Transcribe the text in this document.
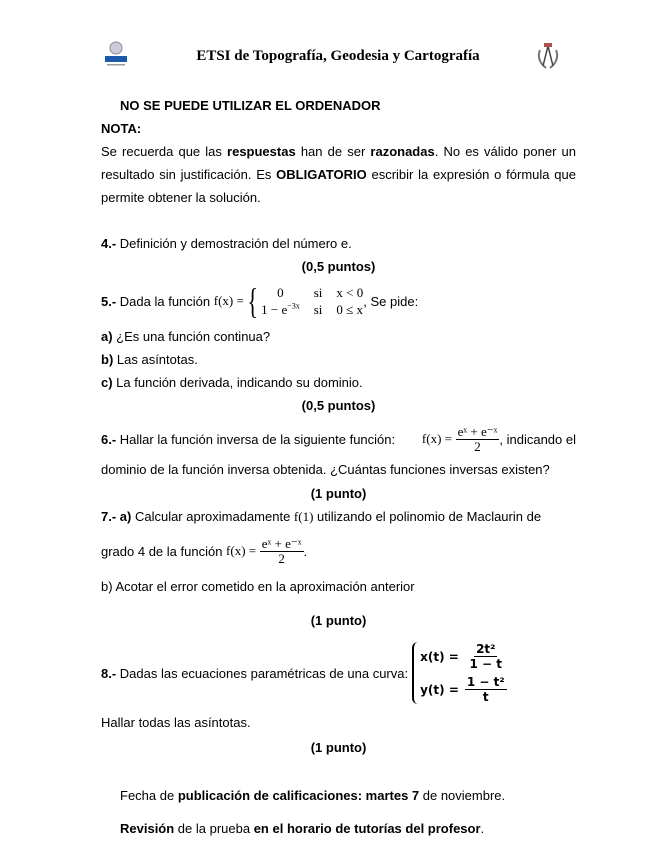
ETSI de Topografía, Geodesia y Cartografía
NO SE PUEDE UTILIZAR EL ORDENADOR
NOTA:
Se recuerda que las respuestas han de ser razonadas. No es válido poner un
resultado sin justificación. Es OBLIGATORIO escribir la expresión o fórmula que
permite obtener la solución.
4.- Definición y demostración del número e.
(0,5 puntos)
5.- Dada la función f(x) = {	0	si x < 0
$1 - e^{-3x}$ si 0 ≤ x
, Se pide:
a) ¿Es una función continua?
b) Las asíntotas.
c) La función derivada, indicando su dominio.
(0,5 puntos)
6.- Hallar la función inversa de la siguiente función: f(x) =
$\frac{\text{eˣ + e⁻ˣ}}{2}$ , indicando el
dominio de la función inversa obtenida. ¿Cuántas funciones inversas existen?
(1 punto)
7.- a) Calcular aproximadamente f(1) utilizando el polinomio de Maclaurin de
grado 4 de la función f(x) =
$\frac{\text{eˣ + e⁻ˣ}}{2}$ .
b) Acotar el error cometido en la aproximación anterior
(1 punto)
8.- Dadas las ecuaciones paramétricas de una curva:
$x(t) = \frac{\text{2t²}}{1 - t}$
$y(t) = \frac{\text{1 − t²}}{t}$
Hallar todas las asíntotas.
(1 punto)
Fecha de publicación de calificaciones: martes 7 de noviembre.
Revisión de la prueba en el horario de tutorías del profesor.
